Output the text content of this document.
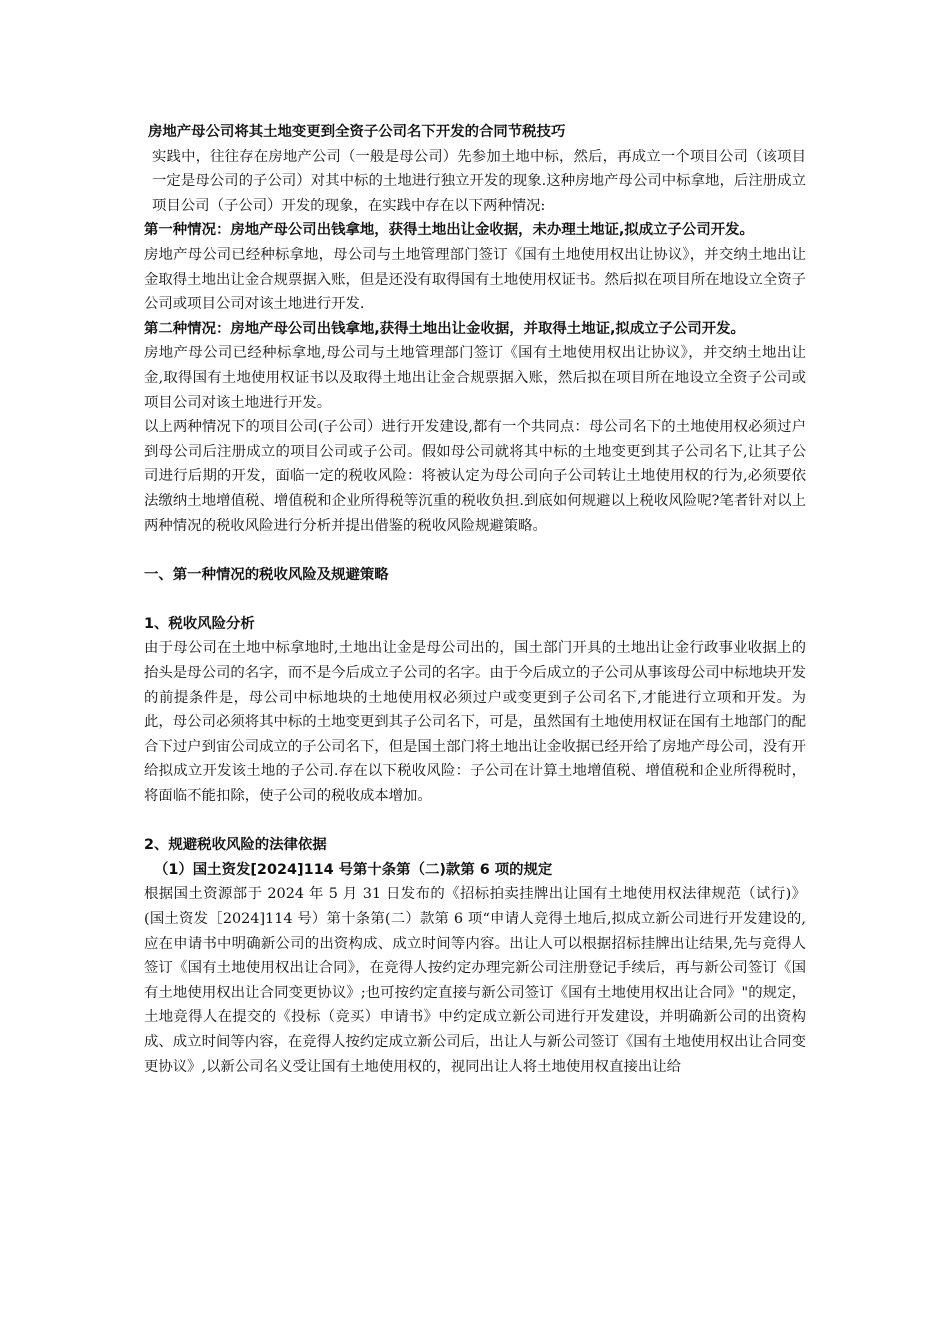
房地产母公司将其土地变更到全资子公司名下开发的合同节税技巧

实践中，往往存在房地产公司（一般是母公司）先参加土地中标，然后，再成立一个项目公司（该项目一定是母公司的子公司）对其中标的土地进行独立开发的现象.这种房地产母公司中标拿地，后注册成立项目公司（子公司）开发的现象，在实践中存在以下两种情况:

第一种情况：房地产母公司出钱拿地，获得土地出让金收据，未办理土地证,拟成立子公司开发。

房地产母公司已经种标拿地，母公司与土地管理部门签订《国有土地使用权出让协议》，并交纳土地出让金取得土地出让金合规票据入账，但是还没有取得国有土地使用权证书。然后拟在项目所在地设立全资子公司或项目公司对该土地进行开发.

第二种情况：房地产母公司出钱拿地,获得土地出让金收据，并取得土地证,拟成立子公司开发。

房地产母公司已经种标拿地,母公司与土地管理部门签订《国有土地使用权出让协议》，并交纳土地出让金,取得国有土地使用权证书以及取得土地出让金合规票据入账，然后拟在项目所在地设立全资子公司或项目公司对该土地进行开发。

以上两种情况下的项目公司(子公司）进行开发建设,都有一个共同点：母公司名下的土地使用权必须过户到母公司后注册成立的项目公司或子公司。假如母公司就将其中标的土地变更到其子公司名下,让其子公司进行后期的开发，面临一定的税收风险：将被认定为母公司向子公司转让土地使用权的行为,必须要依法缴纳土地增值税、增值税和企业所得税等沉重的税收负担.到底如何规避以上税收风险呢?笔者针对以上两种情况的税收风险进行分析并提出借鉴的税收风险规避策略。

一、第一种情况的税收风险及规避策略

1、税收风险分析

由于母公司在土地中标拿地时,土地出让金是母公司出的，国土部门开具的土地出让金行政事业收据上的抬头是母公司的名字，而不是今后成立子公司的名字。由于今后成立的子公司从事该母公司中标地块开发的前提条件是，母公司中标地块的土地使用权必须过户或变更到子公司名下,才能进行立项和开发。为此，母公司必须将其中标的土地变更到其子公司名下，可是，虽然国有土地使用权证在国有土地部门的配合下过户到宙公司成立的子公司名下，但是国土部门将土地出让金收据已经开给了房地产母公司，没有开给拟成立开发该土地的子公司.存在以下税收风险：子公司在计算土地增值税、增值税和企业所得税时，将面临不能扣除，使子公司的税收成本增加。

2、规避税收风险的法律依据

（1）国土资发[2024]114 号第十条第（二)款第 6 项的规定

根据国土资源部于 2024 年 5 月 31 日发布的《招标拍卖挂牌出让国有土地使用权法律规范（试行)》(国土资发［2024]114 号）第十条第(二）款第 6 项“申请人竞得土地后,拟成立新公司进行开发建设的,应在申请书中明确新公司的出资构成、成立时间等内容。出让人可以根据招标挂牌出让结果,先与竞得人签订《国有土地使用权出让合同》，在竞得人按约定办理完新公司注册登记手续后，再与新公司签订《国有土地使用权出让合同变更协议》;也可按约定直接与新公司签订《国有土地使用权出让合同》"的规定，土地竞得人在提交的《投标（竞买）申请书》中约定成立新公司进行开发建设，并明确新公司的出资构成、成立时间等内容，在竞得人按约定成立新公司后，出让人与新公司签订《国有土地使用权出让合同变更协议》,以新公司名义受让国有土地使用权的，视同出让人将土地使用权直接出让给
